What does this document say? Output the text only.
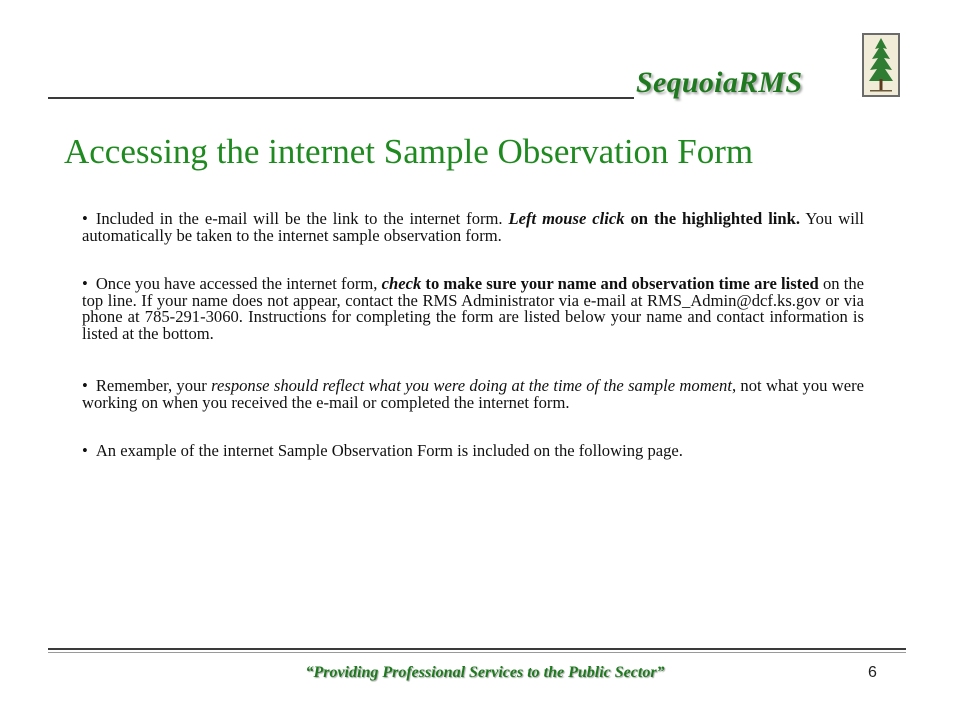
SequoiaRMS
Accessing the internet Sample Observation Form

• Included in the e-mail will be the link to the internet form. Left mouse click on the highlighted link. You will automatically be taken to the internet sample observation form.

• Once you have accessed the internet form, check to make sure your name and observation time are listed on the top line. If your name does not appear, contact the RMS Administrator via e-mail at RMS_Admin@dcf.ks.gov or via phone at 785-291-3060. Instructions for completing the form are listed below your name and contact information is listed at the bottom.

• Remember, your response should reflect what you were doing at the time of the sample moment, not what you were working on when you received the e-mail or completed the internet form.

• An example of the internet Sample Observation Form is included on the following page.

“Providing Professional Services to the Public Sector”	6
